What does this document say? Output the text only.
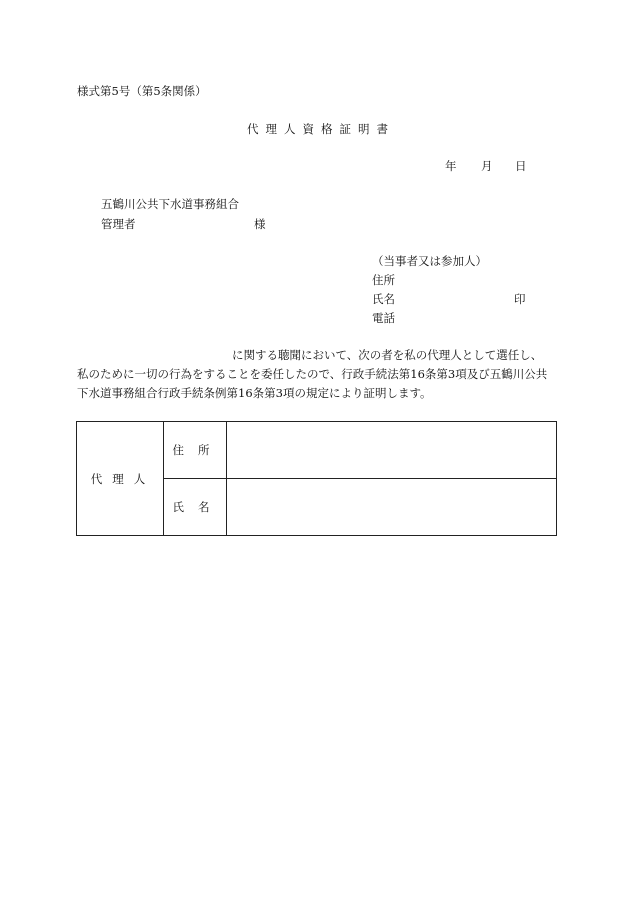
様式第5号（第5条関係）
代理人資格証明書
年 月 日
五鶴川公共下水道事務組合
管理者	様
（当事者又は参加人）
住所
氏名	印
電話
に関する聴聞において、次の者を私の代理人として選任し、
私のために一切の行為をすることを委任したので、行政手続法第16条第3項及び五鶴川公共
下水道事務組合行政手続条例第16条第3項の規定により証明します。
代理人	住所	
	氏名	
